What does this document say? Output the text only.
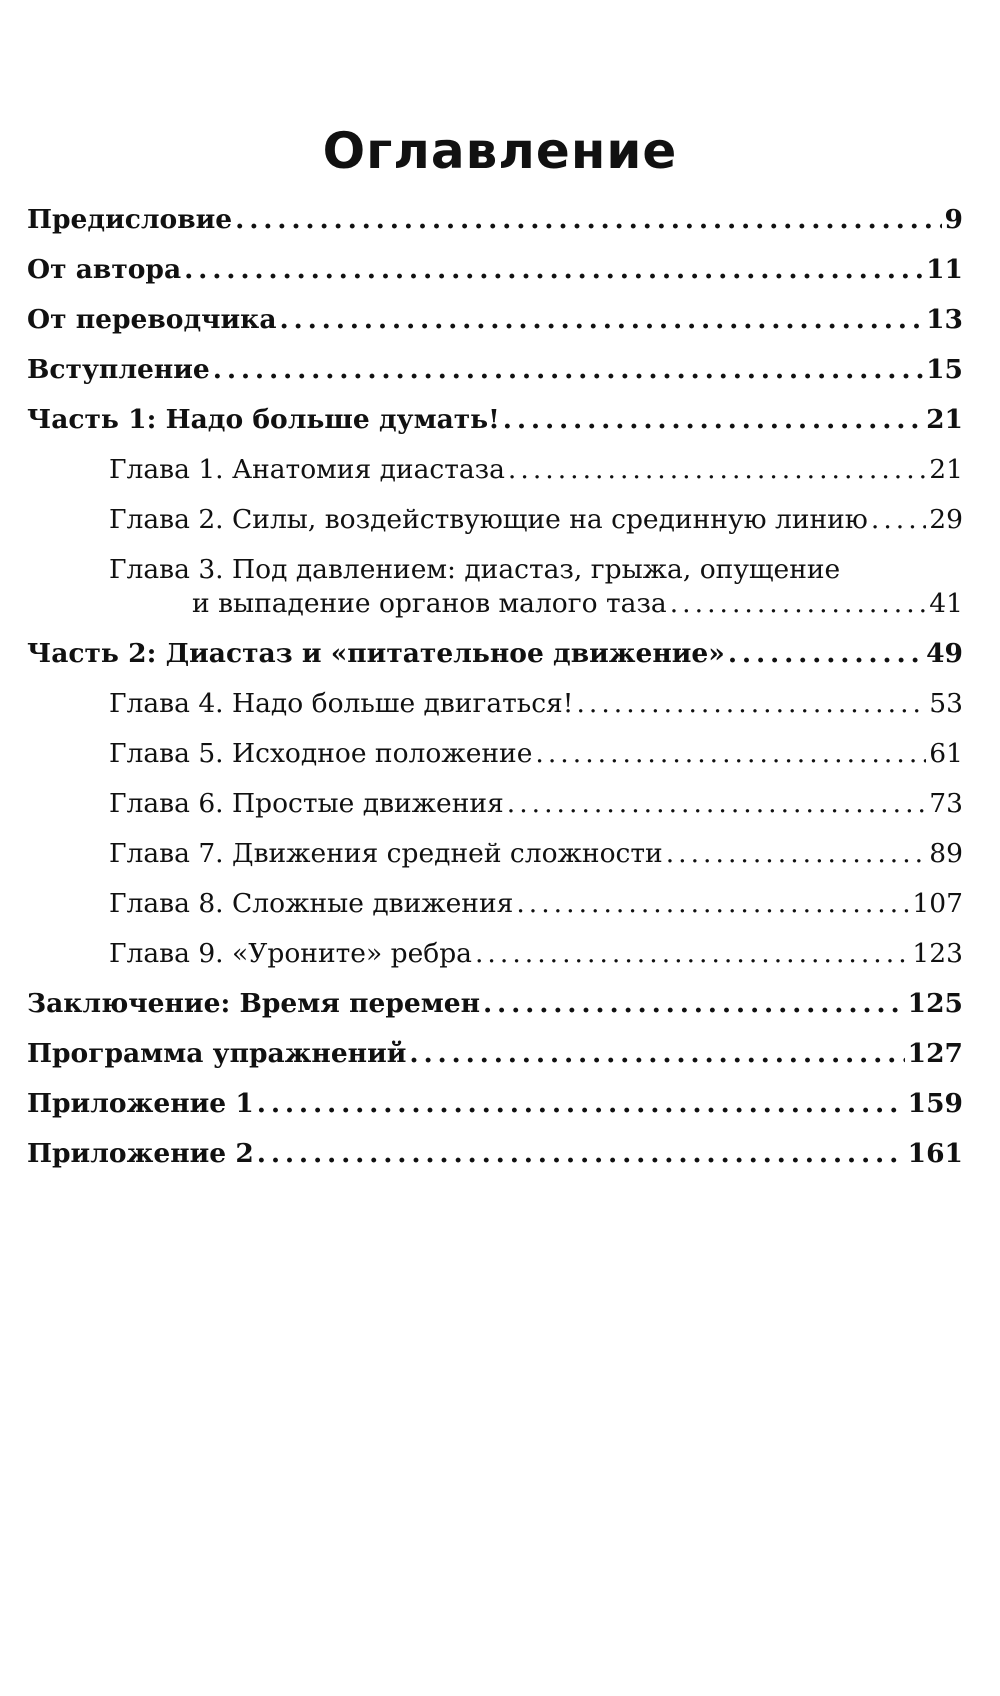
Оглавление
Предисловие . . .	9
От автора . . .	11
От переводчика . . .	13
Вступление . . .	15
Часть 1: Надо больше думать! . . .	21
Глава 1. Анатомия диастаза . . .	21
Глава 2. Силы, воздействующие на срединную линию . . . 29
Глава 3. Под давлением: диастаз, грыжа, опущение
и выпадение органов малого таза . . .	41
Часть 2: Диастаз и «питательное движение» . . .	49
Глава 4. Надо больше двигаться! . . .	53
Глава 5. Исходное положение . . .	61
Глава 6. Простые движения . . .	73
Глава 7. Движения средней сложности . . .	89
Глава 8. Сложные движения . . .	107
Глава 9. «Уроните» ребра . . .	123
Заключение: Время перемен . . .	125
Программа упражнений . . .	127
Приложение 1 . . .	159
Приложение 2 . . .	161
